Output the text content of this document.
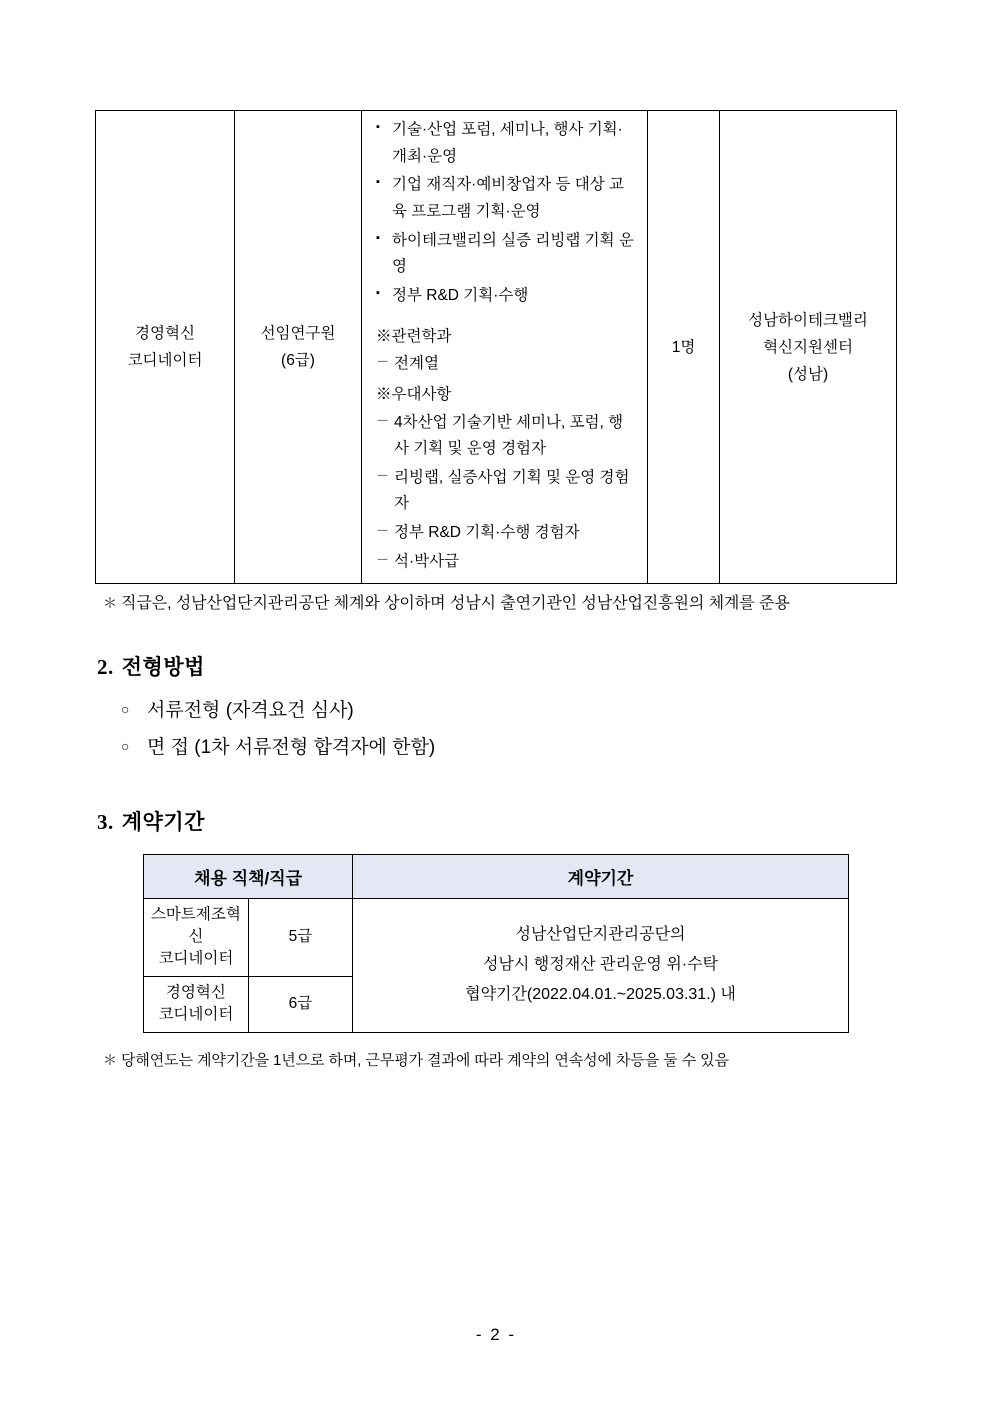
경영혁신
코디네이터

선임연구원
(6급)

▪ 기술·산업 포럼, 세미나, 행사 기획·개최·운영
▪ 기업 재직자·예비창업자 등 대상 교육 프로그램 기획·운영
▪ 하이테크밸리의 실증 리빙랩 기획 운영
▪ 정부 R&D 기획·수행
※관련학과
－ 전계열
※우대사항
－ 4차산업 기술기반 세미나, 포럼, 행사 기획 및 운영 경험자
－ 리빙랩, 실증사업 기획 및 운영 경험자
－ 정부 R&D 기획·수행 경험자
－ 석·박사급
	1명	
성남하이테크밸리
혁신지원센터
(성남)
＊ 직급은, 성남산업단지관리공단 체계와 상이하며 성남시 출연기관인 성남산업진흥원의 체계를 준용
2. 전형방법
○ 서류전형 (자격요건 심사)
○ 면 접 (1차 서류전형 합격자에 한함)
3. 계약기간
채용 직책/직급		계약기간

스마트제조혁신
코디네이터	5급	성남산업단지관리공단의
성남시 행정재산 관리운영 위·수탁
협약기간(2022.04.01.~2025.03.31.) 내

경영혁신
코디네이터	6급	
＊ 당해연도는 계약기간을 1년으로 하며, 근무평가 결과에 따라 계약의 연속성에 차등을 둘 수 있음
- 2 -
